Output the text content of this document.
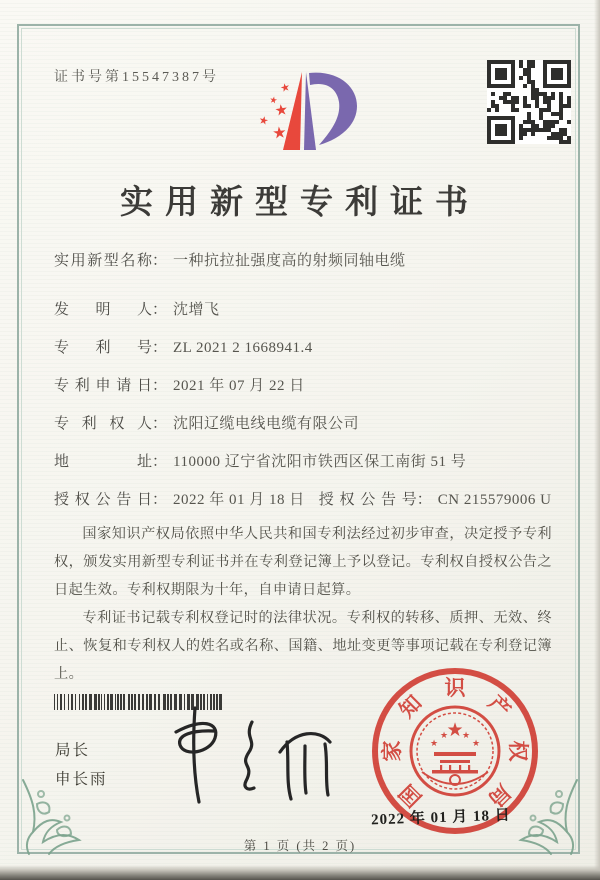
证书号第15547387号
★
★
★
★
★
实用新型专利证书
实用新型名称： 一种抗拉扯强度高的射频同轴电缆
发明人： 沈增飞
专利号： ZL 2021 2 1668941.4
专利申请日： 2021 年 07 月 22 日
专利权人： 沈阳辽缆电线电缆有限公司
地址： 110000 辽宁省沈阳市铁西区保工南街 51 号
授权公告日： 2022 年 01 月 18 日 授权公告号： CN 215579006 U

国家知识产权局依照中华人民共和国专利法经过初步审查，决定授予专利权，颁发实用新型专利证书并在专利登记簿上予以登记。专利权自授权公告之日起生效。专利权期限为十年，自申请日起算。

专利证书记载专利权登记时的法律状况。专利权的转移、质押、无效、终止、恢复和专利权人的姓名或名称、国籍、地址变更等事项记载在专利登记簿上。

局长
申长雨
国
家
知
识
产
权
局
★
★
★ ★
★
2022 年 01 月 18 日
第 1 页 (共 2 页)
